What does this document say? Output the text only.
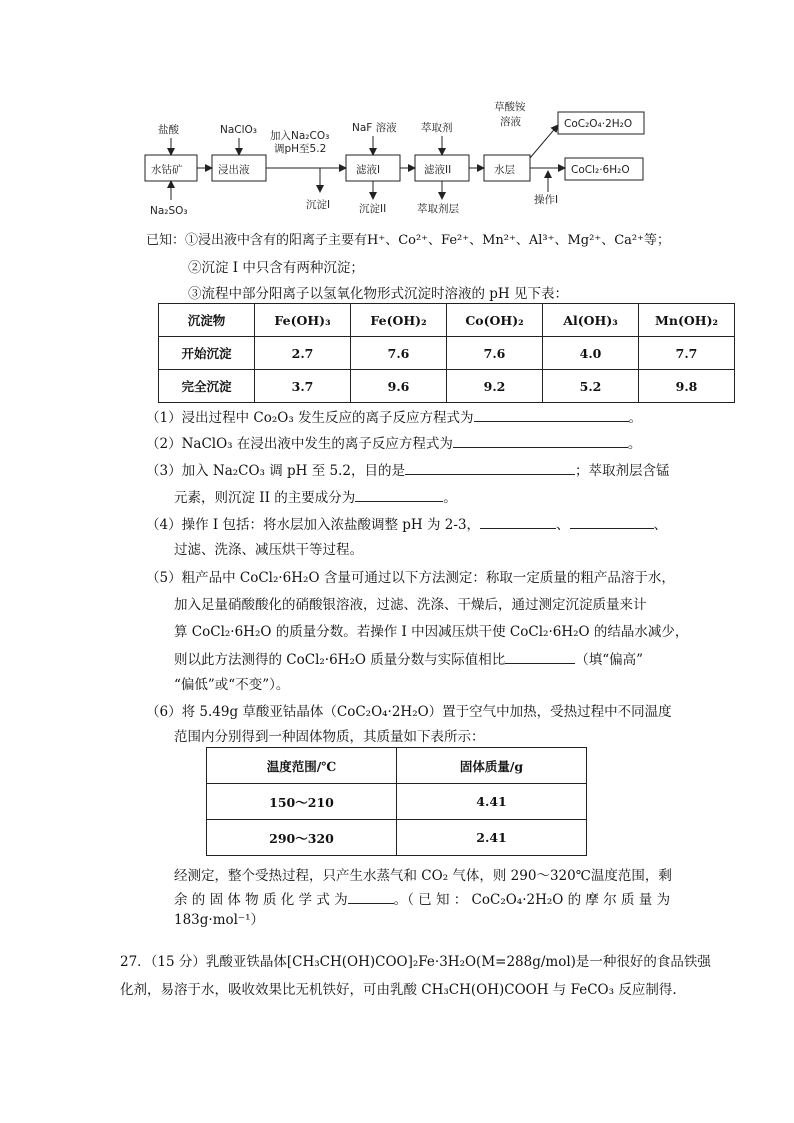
水钴矿	浸出液	滤液I	滤液II	水层
CoC₂O₄·2H₂O
CoCl₂·6H₂O
盐酸
Na₂SO₃
NaClO₃ 加入Na₂CO₃
调pH至5.2
NaF 溶液 萃取剂
草酸铵
溶液
操作I
沉淀I	沉淀II	萃取剂层
已知：①浸出液中含有的阳离子主要有H⁺、Co²⁺、Fe²⁺、Mn²⁺、Al³⁺、Mg²⁺、Ca²⁺等；
②沉淀 I 中只含有两种沉淀；
③流程中部分阳离子以氢氧化物形式沉淀时溶液的 pH 见下表：
沉淀物	Fe(OH)₃	Fe(OH)₂	Co(OH)₂	Al(OH)₃	Mn(OH)₂
开始沉淀	2.7	7.6	7.6	4.0	7.7
完全沉淀	3.7	9.6	9.2	5.2	9.8
（1）浸出过程中 Co₂O₃ 发生反应的离子反应方程式为	。
（2）NaClO₃ 在浸出液中发生的离子反应方程式为	。
（3）加入 Na₂CO₃ 调 pH 至 5.2，目的是	；萃取剂层含锰
元素，则沉淀 II 的主要成分为	。
（4）操作 I 包括：将水层加入浓盐酸调整 pH 为 2-3，	、	、
过滤、洗涤、减压烘干等过程。
（5）粗产品中 CoCl₂·6H₂O 含量可通过以下方法测定：称取一定质量的粗产品溶于水，
加入足量硝酸酸化的硝酸银溶液，过滤、洗涤、干燥后，通过测定沉淀质量来计
算 CoCl₂·6H₂O 的质量分数。若操作 I 中因减压烘干使 CoCl₂·6H₂O 的结晶水减少，
则以此方法测得的 CoCl₂·6H₂O 质量分数与实际值相比	（填“偏高”
“偏低”或“不变”）。
（6）将 5.49g 草酸亚钴晶体（CoC₂O₄·2H₂O）置于空气中加热，受热过程中不同温度
范围内分别得到一种固体物质，其质量如下表所示：
温度范围/℃	固体质量/g
150～210	4.41
290～320	2.41
经测定，整个受热过程，只产生水蒸气和 CO₂ 气体，则 290～320℃温度范围，剩
余 的 固 体 物 质 化 学 式 为	。（ 已 知 ： CoC₂O₄·2H₂O 的 摩 尔 质 量 为
183g·mol⁻¹）
27．（15 分）乳酸亚铁晶体[CH₃CH(OH)COO]₂Fe·3H₂O(M=288g/mol)是一种很好的食品铁强
化剂，易溶于水，吸收效果比无机铁好，可由乳酸 CH₃CH(OH)COOH 与 FeCO₃ 反应制得.
